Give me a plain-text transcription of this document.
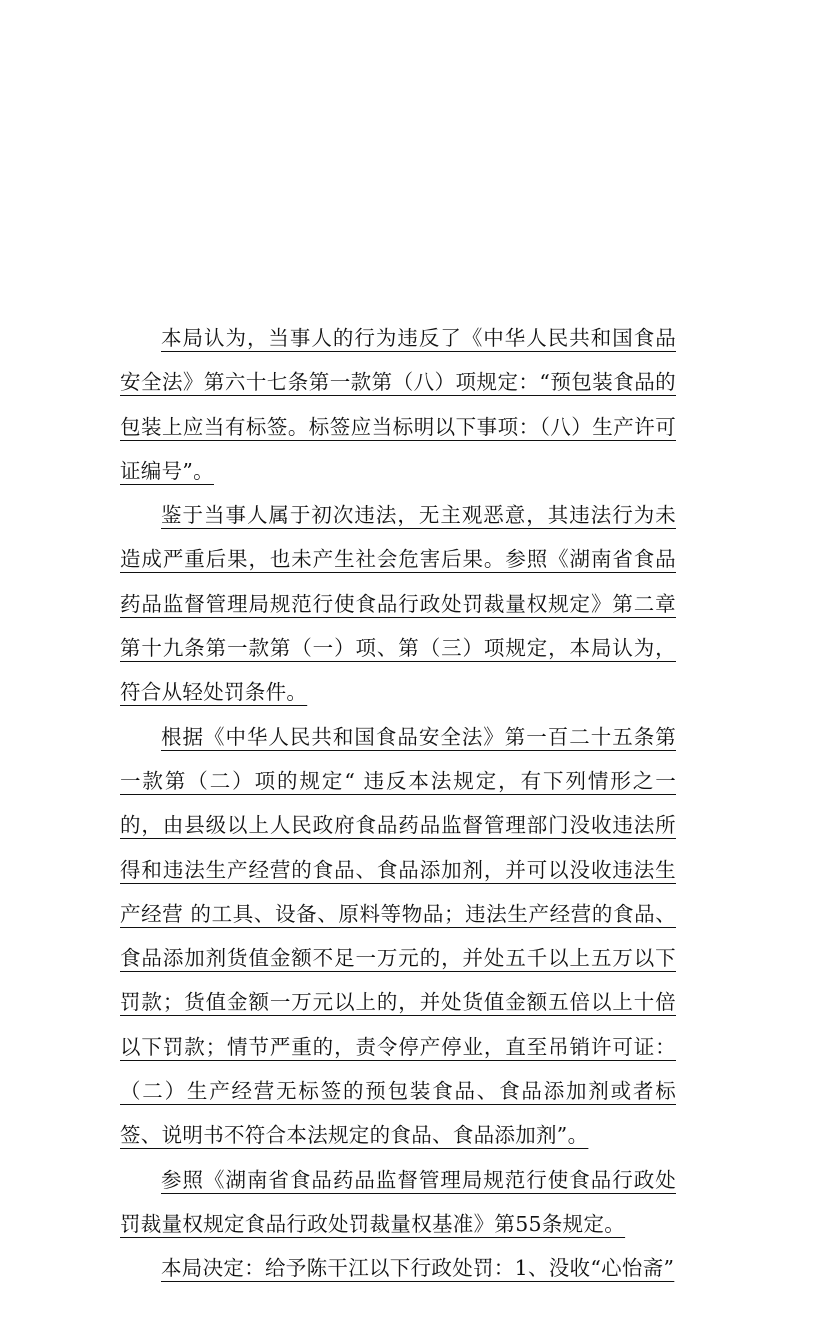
本局认为，当事人的行为违反了《中华人民共和国食品安全法》第六十七条第一款第（八）项规定：“预包装食品的包装上应当有标签。标签应当标明以下事项：（八）生产许可证编号”。

鉴于当事人属于初次违法，无主观恶意，其违法行为未造成严重后果，也未产生社会危害后果。参照《湖南省食品药品监督管理局规范行使食品行政处罚裁量权规定》第二章第十九条第一款第（一）项、第（三）项规定，本局认为，符合从轻处罚条件。

根据《中华人民共和国食品安全法》第一百二十五条第一款第（二）项的规定“ 违反本法规定，有下列情形之一的，由县级以上人民政府食品药品监督管理部门没收违法所得和违法生产经营的食品、食品添加剂，并可以没收违法生产经营 的工具、设备、原料等物品；违法生产经营的食品、食品添加剂货值金额不足一万元的，并处五千以上五万以下罚款；货值金额一万元以上的，并处货值金额五倍以上十倍以下罚款；情节严重的，责令停产停业，直至吊销许可证：（二）生产经营无标签的预包装食品、食品添加剂或者标签、说明书不符合本法规定的食品、食品添加剂”。

参照《湖南省食品药品监督管理局规范行使食品行政处罚裁量权规定食品行政处罚裁量权基准》第55条规定。

本局决定：给予陈干江以下行政处罚：1、没收“心怡斋”
